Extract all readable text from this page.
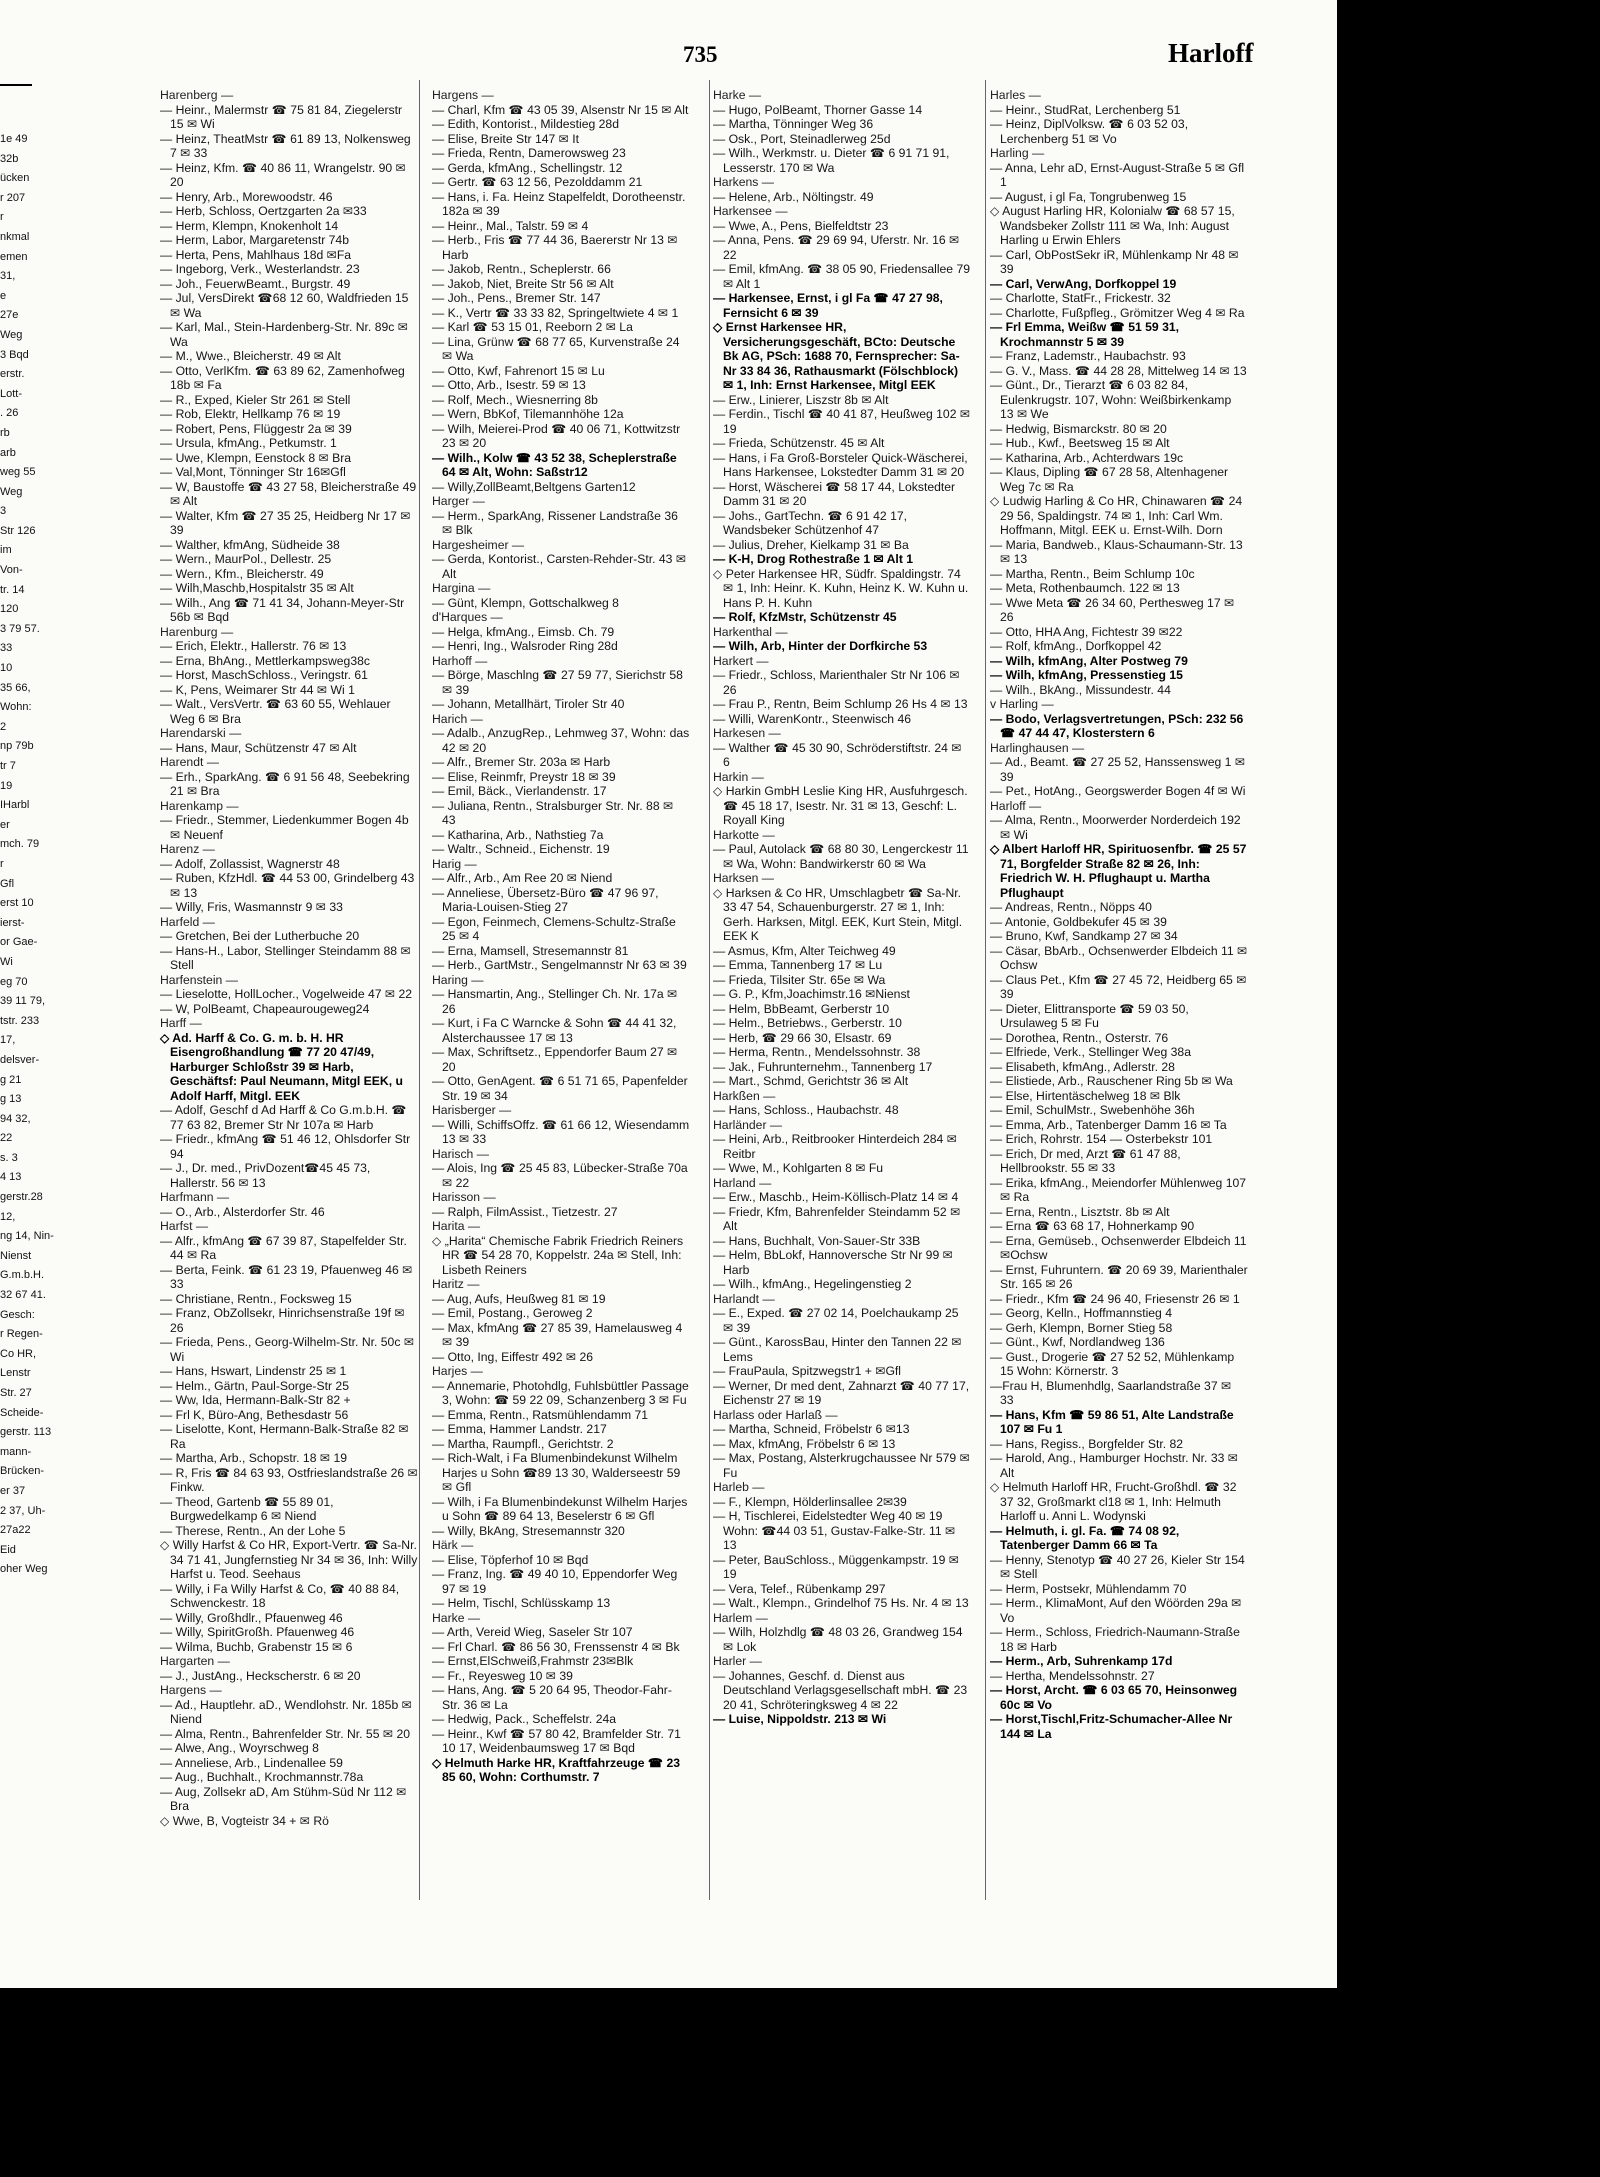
1e 49
32b
ücken
r 207
r
nkmal
emen
31,
e
27e
Weg
3 Bqd
erstr.
Lott-
. 26
rb
arb
weg 55
Weg
3
Str 126
im
Von-
tr. 14
120
3 79 57.
33
10
35 66,
Wohn:
2
np 79b
tr 7
19
IHarbl
er
mch. 79
r
Gfl
erst 10
ierst-
or Gae-
Wi
eg 70
39 11 79,
tstr. 233
17,
delsver-
g 21
g 13
94 32,
22
s. 3
4 13
gerstr.28
12,
ng 14, Nin-
Nienst
G.m.b.H.
32 67 41.
Gesch:
r Regen-
Co HR,
Lenstr
Str. 27
Scheide-
gerstr. 113
mann-
Brücken-
er 37
2 37, Uh-
27a22
Eid
oher Weg
735	Harloff
Harenberg —
— Heinr., Malermstr ☎ 75 81 84, Ziegelerstr 15 ✉ Wi
— Heinz, TheatMstr ☎ 61 89 13, Nolkensweg 7 ✉ 33
— Heinz, Kfm. ☎ 40 86 11, Wrangelstr. 90 ✉ 20
— Henry, Arb., Morewoodstr. 46
— Herb, Schloss, Oertzgarten 2a ✉33
— Herm, Klempn, Knokenholt 14
— Herm, Labor, Margaretenstr 74b
— Herta, Pens, Mahlhaus 18d ✉Fa
— Ingeborg, Verk., Westerlandstr. 23
— Joh., FeuerwBeamt., Burgstr. 49
— Jul, VersDirekt ☎68 12 60, Waldfrieden 15 ✉ Wa
— Karl, Mal., Stein-Hardenberg-Str. Nr. 89c ✉ Wa
— M., Wwe., Bleicherstr. 49 ✉ Alt
— Otto, VerlKfm. ☎ 63 89 62, Zamenhofweg 18b ✉ Fa
— R., Exped, Kieler Str 261 ✉ Stell
— Rob, Elektr, Hellkamp 76 ✉ 19
— Robert, Pens, Flüggestr 2a ✉ 39
— Ursula, kfmAng., Petkumstr. 1
— Uwe, Klempn, Eenstock 8 ✉ Bra
— Val,Mont, Tönninger Str 16✉Gfl
— W, Baustoffe ☎ 43 27 58, Bleicherstraße 49 ✉ Alt
— Walter, Kfm ☎ 27 35 25, Heidberg Nr 17 ✉ 39
— Walther, kfmAng, Südheide 38
— Wern., MaurPol., Dellestr. 25
— Wern., Kfm., Bleicherstr. 49
— Wilh,Maschb,Hospitalstr 35 ✉ Alt
— Wilh., Ang ☎ 71 41 34, Johann-Meyer-Str 56b ✉ Bqd
Harenburg —
— Erich, Elektr., Hallerstr. 76 ✉ 13
— Erna, BhAng., Mettlerkampsweg38c
— Horst, MaschSchloss., Veringstr. 61
— K, Pens, Weimarer Str 44 ✉ Wi 1
— Walt., VersVertr. ☎ 63 60 55, Wehlauer Weg 6 ✉ Bra
Harendarski —
— Hans, Maur, Schützenstr 47 ✉ Alt
Harendt —
— Erh., SparkAng. ☎ 6 91 56 48, Seebekring 21 ✉ Bra
Harenkamp —
— Friedr., Stemmer, Liedenkummer Bogen 4b ✉ Neuenf
Harenz —
— Adolf, Zollassist, Wagnerstr 48
— Ruben, KfzHdl. ☎ 44 53 00, Grindelberg 43 ✉ 13
— Willy, Fris, Wasmannstr 9 ✉ 33
Harfeld —
— Gretchen, Bei der Lutherbuche 20
— Hans-H., Labor, Stellinger Steindamm 88 ✉ Stell
Harfenstein —
— Lieselotte, HollLocher., Vogelweide 47 ✉ 22
— W, PolBeamt, Chapeaurougeweg24
Harff —
◇ Ad. Harff & Co. G. m. b. H. HR Eisengroßhandlung ☎ 77 20 47/49, Harburger Schloßstr 39 ✉ Harb, Geschäftsf: Paul Neumann, Mitgl EEK, u Adolf Harff, Mitgl. EEK
— Adolf, Geschf d Ad Harff & Co G.m.b.H. ☎ 77 63 82, Bremer Str Nr 107a ✉ Harb
— Friedr., kfmAng ☎ 51 46 12, Ohlsdorfer Str 94
— J., Dr. med., PrivDozent☎45 45 73, Hallerstr. 56 ✉ 13
Harfmann —
— O., Arb., Alsterdorfer Str. 46
Harfst —
— Alfr., kfmAng ☎ 67 39 87, Stapelfelder Str. 44 ✉ Ra
— Berta, Feink. ☎ 61 23 19, Pfauenweg 46 ✉ 33
— Christiane, Rentn., Focksweg 15
— Franz, ObZollsekr, Hinrichsenstraße 19f ✉ 26
— Frieda, Pens., Georg-Wilhelm-Str. Nr. 50c ✉ Wi
— Hans, Hswart, Lindenstr 25 ✉ 1
— Helm., Gärtn, Paul-Sorge-Str 25
— Ww, Ida, Hermann-Balk-Str 82 +
— Frl K, Büro-Ang, Bethesdastr 56
— Liselotte, Kont, Hermann-Balk-Straße 82 ✉ Ra
— Martha, Arb., Schopstr. 18 ✉ 19
— R, Fris ☎ 84 63 93, Ostfrieslandstraße 26 ✉ Finkw.
— Theod, Gartenb ☎ 55 89 01, Burgwedelkamp 6 ✉ Niend
— Therese, Rentn., An der Lohe 5
◇ Willy Harfst & Co HR, Export-Vertr. ☎ Sa-Nr. 34 71 41, Jungfernstieg Nr 34 ✉ 36, Inh: Willy Harfst u. Teod. Seehaus
— Willy, i Fa Willy Harfst & Co, ☎ 40 88 84, Schwenckestr. 18
— Willy, Großhdlr., Pfauenweg 46
— Willy, SpiritGroßh. Pfauenweg 46
— Wilma, Buchb, Grabenstr 15 ✉ 6
Hargarten —
— J., JustAng., Heckscherstr. 6 ✉ 20
Hargens —
— Ad., Hauptlehr. aD., Wendlohstr. Nr. 185b ✉ Niend
— Alma, Rentn., Bahrenfelder Str. Nr. 55 ✉ 20
— Alwe, Ang., Woyrschweg 8
— Anneliese, Arb., Lindenallee 59
— Aug., Buchhalt., Krochmannstr.78a
— Aug, Zollsekr aD, Am Stühm-Süd Nr 112 ✉ Bra
◇ Wwe, B, Vogteistr 34 + ✉ Rö
Hargens —
— Charl, Kfm ☎ 43 05 39, Alsenstr Nr 15 ✉ Alt
— Edith, Kontorist., Mildestieg 28d
— Elise, Breite Str 147 ✉ It
— Frieda, Rentn, Damerowsweg 23
— Gerda, kfmAng., Schellingstr. 12
— Gertr. ☎ 63 12 56, Pezolddamm 21
— Hans, i. Fa. Heinz Stapelfeldt, Dorotheenstr. 182a ✉ 39
— Heinr., Mal., Talstr. 59 ✉ 4
— Herb., Fris ☎ 77 44 36, Baererstr Nr 13 ✉ Harb
— Jakob, Rentn., Scheplerstr. 66
— Jakob, Niet, Breite Str 56 ✉ Alt
— Joh., Pens., Bremer Str. 147
— K., Vertr ☎ 33 33 82, Springeltwiete 4 ✉ 1
— Karl ☎ 53 15 01, Reeborn 2 ✉ La
— Lina, Grünw ☎ 68 77 65, Kurvenstraße 24 ✉ Wa
— Otto, Kwf, Fahrenort 15 ✉ Lu
— Otto, Arb., Isestr. 59 ✉ 13
— Rolf, Mech., Wiesnerring 8b
— Wern, BbKof, Tilemannhöhe 12a
— Wilh, Meierei-Prod ☎ 40 06 71, Kottwitzstr 23 ✉ 20
— Wilh., Kolw ☎ 43 52 38, Scheplerstraße 64 ✉ Alt, Wohn: Saßstr12
— Willy,ZollBeamt,Beltgens Garten12
Harger —
— Herm., SparkAng, Rissener Landstraße 36 ✉ Blk
Hargesheimer —
— Gerda, Kontorist., Carsten-Rehder-Str. 43 ✉ Alt
Hargina —
— Günt, Klempn, Gottschalkweg 8
d'Harques —
— Helga, kfmAng., Eimsb. Ch. 79
— Henri, Ing., Walsroder Ring 28d
Harhoff —
— Börge, Maschlng ☎ 27 59 77, Sierichstr 58 ✉ 39
— Johann, Metallhärt, Tiroler Str 40
Harich —
— Adalb., AnzugRep., Lehmweg 37, Wohn: das 42 ✉ 20
— Alfr., Bremer Str. 203a ✉ Harb
— Elise, Reinmfr, Preystr 18 ✉ 39
— Emil, Bäck., Vierlandenstr. 17
— Juliana, Rentn., Stralsburger Str. Nr. 88 ✉ 43
— Katharina, Arb., Nathstieg 7a
— Waltr., Schneid., Eichenstr. 19
Harig —
— Alfr., Arb., Am Ree 20 ✉ Niend
— Anneliese, Übersetz-Büro ☎ 47 96 97, Maria-Louisen-Stieg 27
— Egon, Feinmech, Clemens-Schultz-Straße 25 ✉ 4
— Erna, Mamsell, Stresemannstr 81
— Herb., GartMstr., Sengelmannstr Nr 63 ✉ 39
Haring —
— Hansmartin, Ang., Stellinger Ch. Nr. 17a ✉ 26
— Kurt, i Fa C Warncke & Sohn ☎ 44 41 32, Alsterchaussee 17 ✉ 13
— Max, Schriftsetz., Eppendorfer Baum 27 ✉ 20
— Otto, GenAgent. ☎ 6 51 71 65, Papenfelder Str. 19 ✉ 34
Harisberger —
— Willi, SchiffsOffz. ☎ 61 66 12, Wiesendamm 13 ✉ 33
Harisch —
— Alois, Ing ☎ 25 45 83, Lübecker-Straße 70a ✉ 22
Harisson —
— Ralph, FilmAssist., Tietzestr. 27
Harita —
◇ „Harita“ Chemische Fabrik Friedrich Reiners HR ☎ 54 28 70, Koppelstr. 24a ✉ Stell, Inh: Lisbeth Reiners
Haritz —
— Aug, Aufs, Heußweg 81 ✉ 19
— Emil, Postang., Geroweg 2
— Max, kfmAng ☎ 27 85 39, Hamelausweg 4 ✉ 39
— Otto, Ing, Eiffestr 492 ✉ 26
Harjes —
— Annemarie, Photohdlg, Fuhlsbüttler Passage 3, Wohn: ☎ 59 22 09, Schanzenberg 3 ✉ Fu
— Emma, Rentn., Ratsmühlendamm 71
— Emma, Hammer Landstr. 217
— Martha, Raumpfl., Gerichtstr. 2
— Rich-Walt, i Fa Blumenbindekunst Wilhelm Harjes u Sohn ☎89 13 30, Walderseestr 59 ✉ Gfl
— Wilh, i Fa Blumenbindekunst Wilhelm Harjes u Sohn ☎ 89 64 13, Beselerstr 6 ✉ Gfl
— Willy, BkAng, Stresemannstr 320
Härk —
— Elise, Töpferhof 10 ✉ Bqd
— Franz, Ing. ☎ 49 40 10, Eppendorfer Weg 97 ✉ 19
— Helm, Tischl, Schlüsskamp 13
Harke —
— Arth, Vereid Wieg, Saseler Str 107
— Frl Charl. ☎ 86 56 30, Frenssenstr 4 ✉ Bk
— Ernst,ElSchweiß,Frahmstr 23✉Blk
— Fr., Reyesweg 10 ✉ 39
— Hans, Ang. ☎ 5 20 64 95, Theodor-Fahr-Str. 36 ✉ La
— Hedwig, Pack., Scheffelstr. 24a
— Heinr., Kwf ☎ 57 80 42, Bramfelder Str. 71 10 17, Weidenbaumsweg 17 ✉ Bqd
◇ Helmuth Harke HR, Kraftfahrzeuge ☎ 23 85 60, Wohn: Corthumstr. 7
Harke —
— Hugo, PolBeamt, Thorner Gasse 14
— Martha, Tönninger Weg 36
— Osk., Port, Steinadlerweg 25d
— Wilh., Werkmstr. u. Dieter ☎ 6 91 71 91, Lesserstr. 170 ✉ Wa
Harkens —
— Helene, Arb., Nöltingstr. 49
Harkensee —
— Wwe, A., Pens, Bielfeldtstr 23
— Anna, Pens. ☎ 29 69 94, Uferstr. Nr. 16 ✉ 22
— Emil, kfmAng. ☎ 38 05 90, Friedensallee 79 ✉ Alt 1
— Harkensee, Ernst, i gl Fa ☎ 47 27 98, Fernsicht 6 ✉ 39
◇ Ernst Harkensee HR, Versicherungsgeschäft, BCto: Deutsche Bk AG, PSch: 1688 70, Fernsprecher: Sa-Nr 33 84 36, Rathausmarkt (Fölschblock) ✉ 1, Inh: Ernst Harkensee, Mitgl EEK
— Erw., Linierer, Liszstr 8b ✉ Alt
— Ferdin., Tischl ☎ 40 41 87, Heußweg 102 ✉ 19
— Frieda, Schützenstr. 45 ✉ Alt
— Hans, i Fa Groß-Borsteler Quick-Wäscherei, Hans Harkensee, Lokstedter Damm 31 ✉ 20
— Horst, Wäscherei ☎ 58 17 44, Lokstedter Damm 31 ✉ 20
— Johs., GartTechn. ☎ 6 91 42 17, Wandsbeker Schützenhof 47
— Julius, Dreher, Kielkamp 31 ✉ Ba
— K-H, Drog Rothestraße 1 ✉ Alt 1
◇ Peter Harkensee HR, Südfr. Spaldingstr. 74 ✉ 1, Inh: Heinr. K. Kuhn, Heinz K. W. Kuhn u. Hans P. H. Kuhn
— Rolf, KfzMstr, Schützenstr 45
Harkenthal —
— Wilh, Arb, Hinter der Dorfkirche 53
Harkert —
— Friedr., Schloss, Marienthaler Str Nr 106 ✉ 26
— Frau P., Rentn, Beim Schlump 26 Hs 4 ✉ 13
— Willi, WarenKontr., Steenwisch 46
Harkesen —
— Walther ☎ 45 30 90, Schröderstiftstr. 24 ✉ 6
Harkin —
◇ Harkin GmbH Leslie King HR, Ausfuhrgesch. ☎ 45 18 17, Isestr. Nr. 31 ✉ 13, Geschf: L. Royall King
Harkotte —
— Paul, Autolack ☎ 68 80 30, Lengerckestr 11 ✉ Wa, Wohn: Bandwirkerstr 60 ✉ Wa
Harksen —
◇ Harksen & Co HR, Umschlagbetr ☎ Sa-Nr. 33 47 54, Schauenburgerstr. 27 ✉ 1, Inh: Gerh. Harksen, Mitgl. EEK, Kurt Stein, Mitgl. EEK K
— Asmus, Kfm, Alter Teichweg 49
— Emma, Tannenberg 17 ✉ Lu
— Frieda, Tilsiter Str. 65e ✉ Wa
— G. P., Kfm,Joachimstr.16 ✉Nienst
— Helm, BbBeamt, Gerberstr 10
— Helm., Betriebws., Gerberstr. 10
— Herb, ☎ 29 66 30, Elsastr. 69
— Herma, Rentn., Mendelssohnstr. 38
— Jak., Fuhrunternehm., Tannenberg 17
— Mart., Schmd, Gerichtstr 36 ✉ Alt
Harkßen —
— Hans, Schloss., Haubachstr. 48
Harländer —
— Heini, Arb., Reitbrooker Hinterdeich 284 ✉ Reitbr
— Wwe, M., Kohlgarten 8 ✉ Fu
Harland —
— Erw., Maschb., Heim-Köllisch-Platz 14 ✉ 4
— Friedr, Kfm, Bahrenfelder Steindamm 52 ✉ Alt
— Hans, Buchhalt, Von-Sauer-Str 33B
— Helm, BbLokf, Hannoversche Str Nr 99 ✉ Harb
— Wilh., kfmAng., Hegelingenstieg 2
Harlandt —
— E., Exped. ☎ 27 02 14, Poelchaukamp 25 ✉ 39
— Günt., KarossBau, Hinter den Tannen 22 ✉ Lems
— FrauPaula, Spitzwegstr1 + ✉Gfl
— Werner, Dr med dent, Zahnarzt ☎ 40 77 17, Eichenstr 27 ✉ 19
Harlass oder Harlaß —
— Martha, Schneid, Fröbelstr 6 ✉13
— Max, kfmAng, Fröbelstr 6 ✉ 13
— Max, Postang, Alsterkrugchaussee Nr 579 ✉ Fu
Harleb —
— F., Klempn, Hölderlinsallee 2✉39
— H, Tischlerei, Eidelstedter Weg 40 ✉ 19 Wohn: ☎44 03 51, Gustav-Falke-Str. 11 ✉ 13
— Peter, BauSchloss., Müggenkampstr. 19 ✉ 19
— Vera, Telef., Rübenkamp 297
— Walt., Klempn., Grindelhof 75 Hs. Nr. 4 ✉ 13
Harlem —
— Wilh, Holzhdlg ☎ 48 03 26, Grandweg 154 ✉ Lok
Harler —
— Johannes, Geschf. d. Dienst aus Deutschland Verlagsgesellschaft mbH. ☎ 23 20 41, Schröteringksweg 4 ✉ 22
— Luise, Nippoldstr. 213 ✉ Wi
Harles —
— Heinr., StudRat, Lerchenberg 51
— Heinz, DiplVolksw. ☎ 6 03 52 03, Lerchenberg 51 ✉ Vo
Harling —
— Anna, Lehr aD, Ernst-August-Straße 5 ✉ Gfl 1
— August, i gl Fa, Tongrubenweg 15
◇ August Harling HR, Kolonialw ☎ 68 57 15, Wandsbeker Zollstr 111 ✉ Wa, Inh: August Harling u Erwin Ehlers
— Carl, ObPostSekr iR, Mühlenkamp Nr 48 ✉ 39
— Carl, VerwAng, Dorfkoppel 19
— Charlotte, StatFr., Frickestr. 32
— Charlotte, Fußpfleg., Grömitzer Weg 4 ✉ Ra
— Frl Emma, Weißw ☎ 51 59 31, Krochmannstr 5 ✉ 39
— Franz, Lademstr., Haubachstr. 93
— G. V., Mass. ☎ 44 28 28, Mittelweg 14 ✉ 13
— Günt., Dr., Tierarzt ☎ 6 03 82 84, Eulenkrugstr. 107, Wohn: Weißbirkenkamp 13 ✉ We
— Hedwig, Bismarckstr. 80 ✉ 20
— Hub., Kwf., Beetsweg 15 ✉ Alt
— Katharina, Arb., Achterdwars 19c
— Klaus, Dipling ☎ 67 28 58, Altenhagener Weg 7c ✉ Ra
◇ Ludwig Harling & Co HR, Chinawaren ☎ 24 29 56, Spaldingstr. 74 ✉ 1, Inh: Carl Wm. Hoffmann, Mitgl. EEK u. Ernst-Wilh. Dorn
— Maria, Bandweb., Klaus-Schaumann-Str. 13 ✉ 13
— Martha, Rentn., Beim Schlump 10c
— Meta, Rothenbaumch. 122 ✉ 13
— Wwe Meta ☎ 26 34 60, Perthesweg 17 ✉ 26
— Otto, HHA Ang, Fichtestr 39 ✉22
— Rolf, kfmAng., Dorfkoppel 42
— Wilh, kfmAng, Alter Postweg 79
— Wilh, kfmAng, Pressenstieg 15
— Wilh., BkAng., Missundestr. 44
v Harling —
— Bodo, Verlagsvertretungen, PSch: 232 56 ☎ 47 44 47, Klosterstern 6
Harlinghausen —
— Ad., Beamt. ☎ 27 25 52, Hanssensweg 1 ✉ 39
— Pet., HotAng., Georgswerder Bogen 4f ✉ Wi
Harloff —
— Alma, Rentn., Moorwerder Norderdeich 192 ✉ Wi
◇ Albert Harloff HR, Spirituosenfbr. ☎ 25 57 71, Borgfelder Straße 82 ✉ 26, Inh: Friedrich W. H. Pflughaupt u. Martha Pflughaupt
— Andreas, Rentn., Nöpps 40
— Antonie, Goldbekufer 45 ✉ 39
— Bruno, Kwf, Sandkamp 27 ✉ 34
— Cäsar, BbArb., Ochsenwerder Elbdeich 11 ✉ Ochsw
— Claus Pet., Kfm ☎ 27 45 72, Heidberg 65 ✉ 39
— Dieter, Elittransporte ☎ 59 03 50, Ursulaweg 5 ✉ Fu
— Dorothea, Rentn., Osterstr. 76
— Elfriede, Verk., Stellinger Weg 38a
— Elisabeth, kfmAng., Adlerstr. 28
— Elistiede, Arb., Rauschener Ring 5b ✉ Wa
— Else, Hirtentäschelweg 18 ✉ Blk
— Emil, SchulMstr., Swebenhöhe 36h
— Emma, Arb., Tatenberger Damm 16 ✉ Ta
— Erich, Rohrstr. 154 — Osterbekstr 101
— Erich, Dr med, Arzt ☎ 61 47 88, Hellbrookstr. 55 ✉ 33
— Erika, kfmAng., Meiendorfer Mühlenweg 107 ✉ Ra
— Erna, Rentn., Lisztstr. 8b ✉ Alt
— Erna ☎ 63 68 17, Hohnerkamp 90
— Erna, Gemüseb., Ochsenwerder Elbdeich 11 ✉Ochsw
— Ernst, Fuhruntern. ☎ 20 69 39, Marienthaler Str. 165 ✉ 26
— Friedr., Kfm ☎ 24 96 40, Friesenstr 26 ✉ 1
— Georg, Kelln., Hoffmannstieg 4
— Gerh, Klempn, Borner Stieg 58
— Günt., Kwf, Nordlandweg 136
— Gust., Drogerie ☎ 27 52 52, Mühlenkamp 15 Wohn: Körnerstr. 3
—Frau H, Blumenhdlg, Saarlandstraße 37 ✉ 33
— Hans, Kfm ☎ 59 86 51, Alte Landstraße 107 ✉ Fu 1
— Hans, Regiss., Borgfelder Str. 82
— Harold, Ang., Hamburger Hochstr. Nr. 33 ✉ Alt
◇ Helmuth Harloff HR, Frucht-Großhdl. ☎ 32 37 32, Großmarkt cl18 ✉ 1, Inh: Helmuth Harloff u. Anni L. Wodynski
— Helmuth, i. gl. Fa. ☎ 74 08 92, Tatenberger Damm 66 ✉ Ta
— Henny, Stenotyp ☎ 40 27 26, Kieler Str 154 ✉ Stell
— Herm, Postsekr, Mühlendamm 70
— Herm., KlimaMont, Auf den Wöörden 29a ✉ Vo
— Herm., Schloss, Friedrich-Naumann-Straße 18 ✉ Harb
— Herm., Arb, Suhrenkamp 17d
— Hertha, Mendelssohnstr. 27
— Horst, Archt. ☎ 6 03 65 70, Heinsonweg 60c ✉ Vo
— Horst,Tischl,Fritz-Schumacher-Allee Nr 144 ✉ La
